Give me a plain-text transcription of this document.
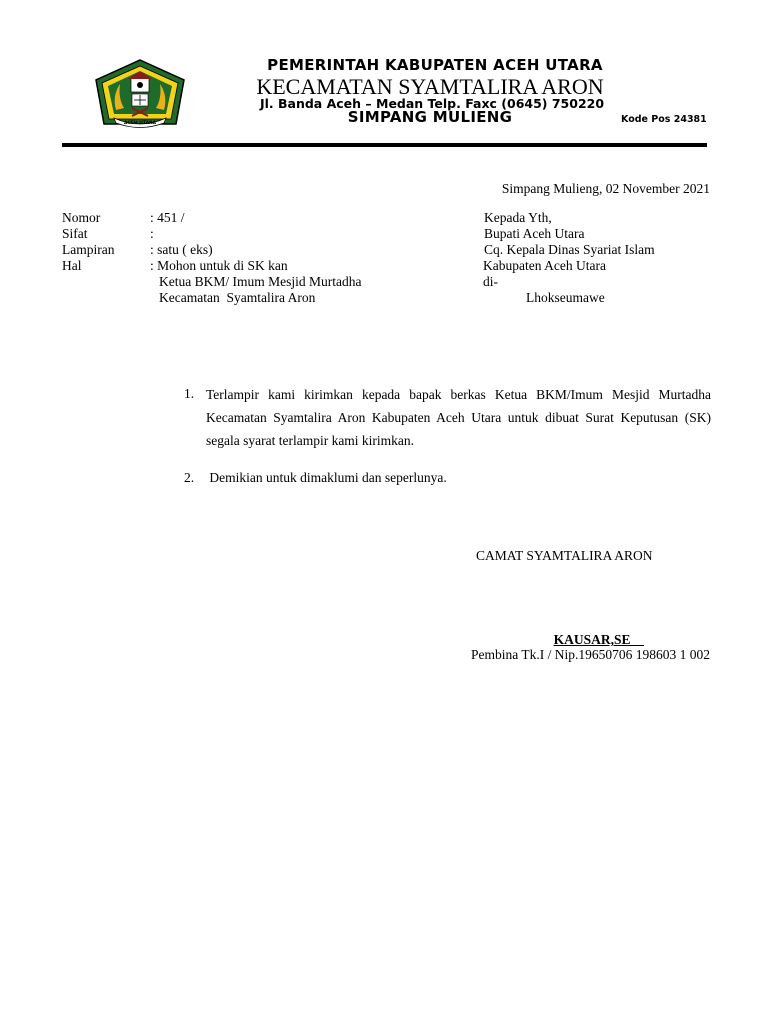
ACEH UTARA
PEMERINTAH KABUPATEN ACEH UTARA
KECAMATAN SYAMTALIRA ARON
Jl. Banda Aceh – Medan Telp. Faxc (0645) 750220
SIMPANG MULIENG	Kode Pos 24381
Simpang Mulieng, 02 November 2021
Nomor	: 451 /
Sifat	:
Lampiran	: satu ( eks)
Hal	: Mohon untuk di SK kan
Ketua BKM/ Imum Mesjid Murtadha
Kecamatan  Syamtalira Aron
Kepada Yth,
Bupati Aceh Utara
Cq. Kepala Dinas Syariat Islam
Kabupaten Aceh Utara
di-
Lhokseumawe
1. Terlampir kami kirimkan kepada bapak berkas Ketua BKM/Imum Mesjid Murtadha Kecamatan Syamtalira Aron Kabupaten Aceh Utara untuk dibuat Surat Keputusan (SK) segala syarat terlampir kami kirimkan.
2. Demikian untuk dimaklumi dan seperlunya.
CAMAT SYAMTALIRA ARON
KAUSAR,SE
Pembina Tk.I / Nip.19650706 198603 1 002
